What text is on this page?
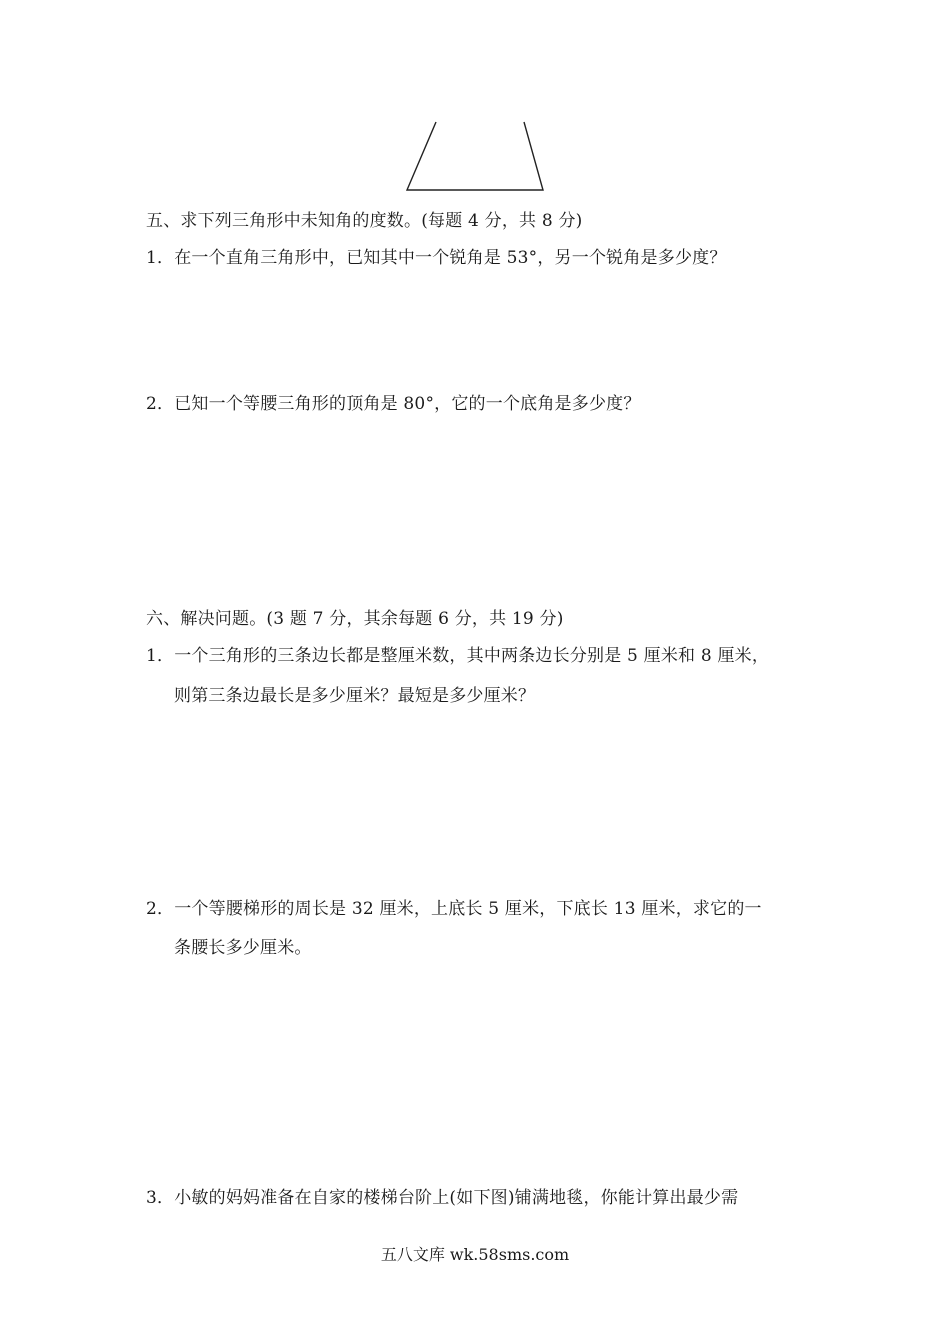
五、求下列三角形中未知角的度数。(每题 4 分，共 8 分)
1．在一个直角三角形中，已知其中一个锐角是 53°，另一个锐角是多少度？
2．已知一个等腰三角形的顶角是 80°，它的一个底角是多少度？
六、解决问题。(3 题 7 分，其余每题 6 分，共 19 分)
1．一个三角形的三条边长都是整厘米数，其中两条边长分别是 5 厘米和 8 厘米，
则第三条边最长是多少厘米？最短是多少厘米？
2．一个等腰梯形的周长是 32 厘米，上底长 5 厘米，下底长 13 厘米，求它的一
条腰长多少厘米。
3．小敏的妈妈准备在自家的楼梯台阶上(如下图)铺满地毯，你能计算出最少需
五八文库 wk.58sms.com
